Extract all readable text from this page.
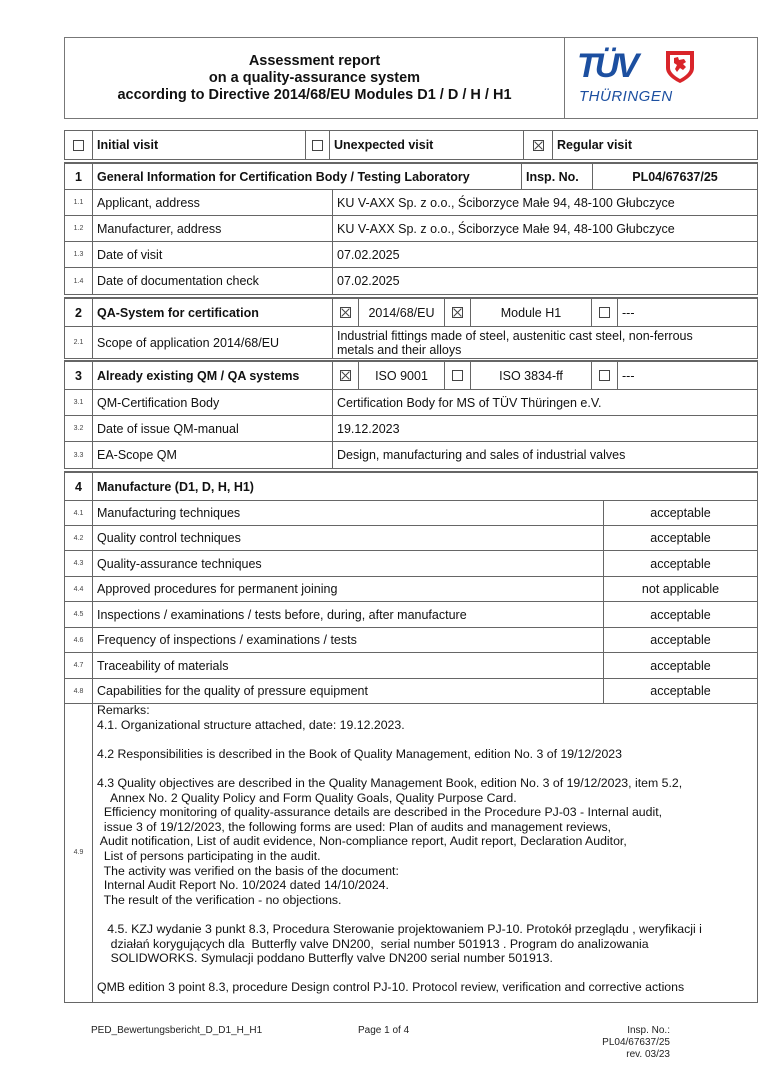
Assessment report
on a quality-assurance system
according to Directive 2014/68/EU Modules D1 / D / H / H1
TÜV
THÜRINGEN
Initial visit	Unexpected visit	Regular visit
1	General Information for Certification Body / Testing Laboratory	Insp. No.	PL04/67637/25
1.1	Applicant, address	KU V-AXX Sp. z o.o., Ściborzyce Małe 94, 48-100 Głubczyce
1.2	Manufacturer, address	KU V-AXX Sp. z o.o., Ściborzyce Małe 94, 48-100 Głubczyce
1.3	Date of visit	07.02.2025
1.4	Date of documentation check	07.02.2025
2	QA-System for certification	2014/68/EU	Module H1	---
2.1	Scope of application 2014/68/EU	Industrial fittings made of steel, austenitic cast steel, non-ferrous
metals and their alloys
3	Already existing QM / QA systems	ISO 9001	ISO 3834-ff	---
3.1	QM-Certification Body	Certification Body for MS of TÜV Thüringen e.V.
3.2	Date of issue QM-manual	19.12.2023
3.3	EA-Scope QM	Design, manufacturing and sales of industrial valves
4	Manufacture (D1, D, H, H1)
4.1	Manufacturing techniques	acceptable
4.2	Quality control techniques	acceptable
4.3	Quality-assurance techniques	acceptable
4.4	Approved procedures for permanent joining	not applicable
4.5	Inspections / examinations / tests before, during, after manufacture	acceptable
4.6	Frequency of inspections / examinations / tests	acceptable
4.7	Traceability of materials	acceptable
4.8	Capabilities for the quality of pressure equipment	acceptable
4.9

Remarks:

4.1. Organizational structure attached, date: 19.12.2023.

4.2 Responsibilities is described in the Book of Quality Management, edition No. 3 of 19/12/2023

4.3 Quality objectives are described in the Quality Management Book, edition No. 3 of 19/12/2023, item 5.2,

Annex No. 2 Quality Policy and Form Quality Goals, Quality Purpose Card.

Efficiency monitoring of quality-assurance details are described in the Procedure PJ-03 - Internal audit,

issue 3 of 19/12/2023, the following forms are used: Plan of audits and management reviews,

Audit notification, List of audit evidence, Non-compliance report, Audit report, Declaration Auditor,

List of persons participating in the audit.

The activity was verified on the basis of the document:

Internal Audit Report No. 10/2024 dated 14/10/2024.

The result of the verification - no objections.

4.5. KZJ wydanie 3 punkt 8.3, Procedura Sterowanie projektowaniem PJ-10. Protokół przeglądu , weryfikacji i

działań korygujących dla  Butterfly valve DN200,  serial number 501913 . Program do analizowania

SOLIDWORKS. Symulacji poddano Butterfly valve DN200 serial number 501913.

QMB edition 3 point 8.3, procedure Design control PJ-10. Protocol review, verification and corrective actions

PED_Bewertungsbericht_D_D1_H_H1	Page 1 of 4	Insp. No.: PL04/67637/25
rev. 03/23
